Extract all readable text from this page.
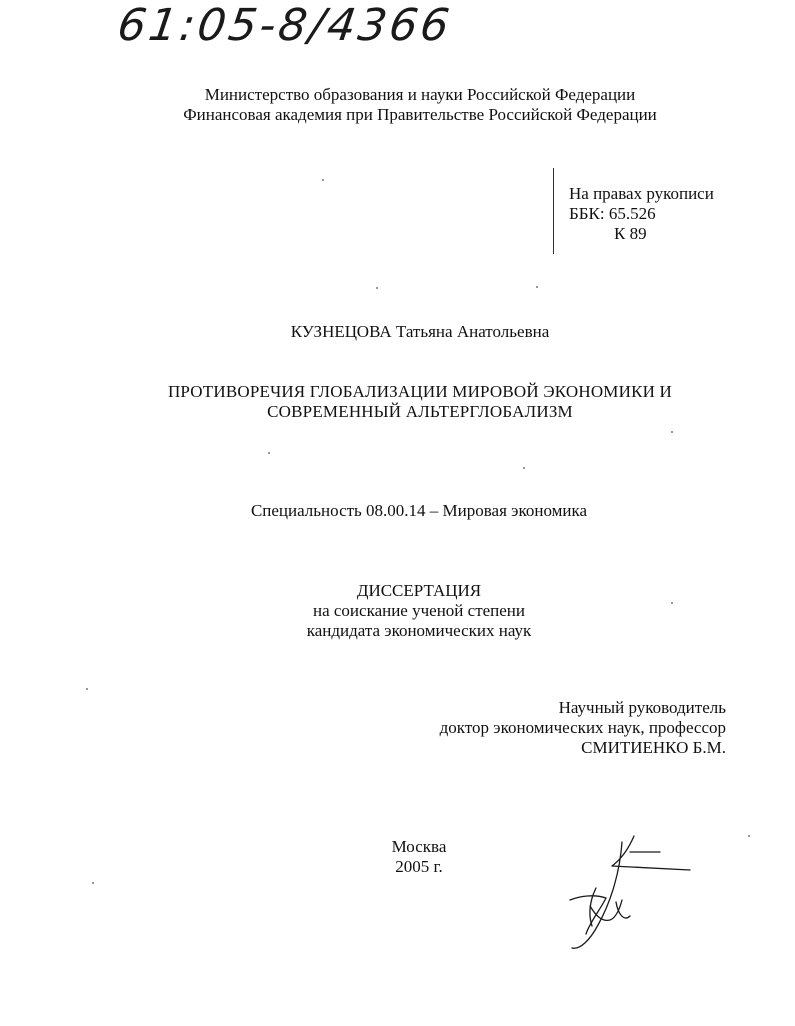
61:05-8/4366
Министерство образования и науки Российской Федерации
Финансовая академия при Правительстве Российской Федерации
На правах рукописи
ББК: 65.526
К 89
КУЗНЕЦОВА Татьяна Анатольевна
ПРОТИВОРЕЧИЯ ГЛОБАЛИЗАЦИИ МИРОВОЙ ЭКОНОМИКИ И
СОВРЕМЕННЫЙ АЛЬТЕРГЛОБАЛИЗМ
Специальность 08.00.14 – Мировая экономика
ДИССЕРТАЦИЯ
на соискание ученой степени
кандидата экономических наук
Научный руководитель
доктор экономических наук, профессор
СМИТИЕНКО Б.М.
Москва
2005 г.
